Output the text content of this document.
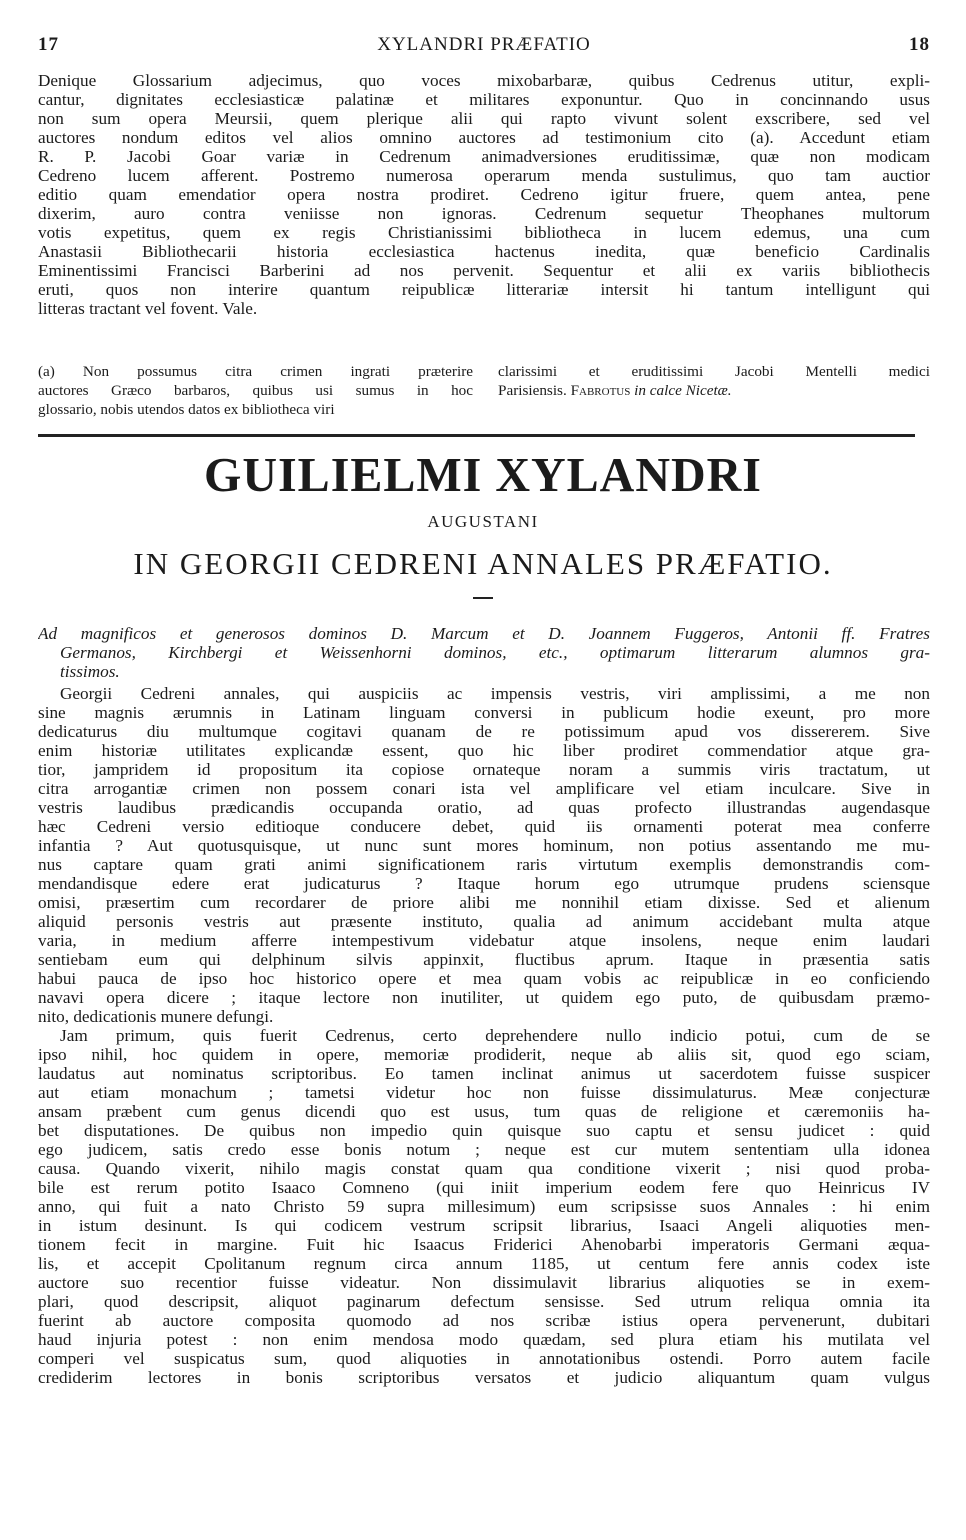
17	XYLANDRI PRÆFATIO	18
Denique Glossarium adjecimus, quo voces mixobarbaræ, quibus Cedrenus utitur, expli-
cantur, dignitates ecclesiasticæ palatinæ et militares exponuntur. Quo in concinnando usus
non sum opera Meursii, quem plerique alii qui rapto vivunt solent exscribere, sed vel
auctores nondum editos vel alios omnino auctores ad testimonium cito (a). Accedunt etiam
R. P. Jacobi Goar variæ in Cedrenum animadversiones eruditissimæ, quæ non modicam
Cedreno lucem afferent. Postremo numerosa operarum menda sustulimus, quo tam auctior
editio quam emendatior opera nostra prodiret. Cedreno igitur fruere, quem antea, pene
dixerim, auro contra veniisse non ignoras. Cedrenum sequetur Theophanes multorum
votis expetitus, quem ex regis Christianissimi bibliotheca in lucem edemus, una cum
Anastasii Bibliothecarii historia ecclesiastica hactenus inedita, quæ beneficio Cardinalis
Eminentissimi Francisci Barberini ad nos pervenit. Sequentur et alii ex variis bibliothecis
eruti, quos non interire quantum reipublicæ litterariæ intersit hi tantum intelligunt qui
litteras tractant vel fovent. Vale.
(a) Non possumus citra crimen ingrati præterire
auctores Græco barbaros, quibus usi sumus in hoc
glossario, nobis utendos datos ex bibliotheca viri
clarissimi et eruditissimi Jacobi Mentelli medici
Parisiensis. Fabrotus in calce Nicetæ.
GUILIELMI XYLANDRI
AUGUSTANI
IN GEORGII CEDRENI ANNALES PRÆFATIO.
Ad magnificos et generosos dominos D. Marcum et D. Joannem Fuggeros, Antonii ff. Fratres
Germanos, Kirchbergi et Weissenhorni dominos, etc., optimarum litterarum alumnos gra-
tissimos.
Georgii Cedreni annales, qui auspiciis ac impensis vestris, viri amplissimi, a me non
sine magnis ærumnis in Latinam linguam conversi in publicum hodie exeunt, pro more
dedicaturus diu multumque cogitavi quanam de re potissimum apud vos dissererem. Sive
enim historiæ utilitates explicandæ essent, quo hic liber prodiret commendatior atque gra-
tior, jampridem id propositum ita copiose ornateque noram a summis viris tractatum, ut
citra arrogantiæ crimen non possem conari ista vel amplificare vel etiam inculcare. Sive in
vestris laudibus prædicandis occupanda oratio, ad quas profecto illustrandas augendasque
hæc Cedreni versio editioque conducere debet, quid iis ornamenti poterat mea conferre
infantia ? Aut quotusquisque, ut nunc sunt mores hominum, non potius assentando me mu-
nus captare quam grati animi significationem raris virtutum exemplis demonstrandis com-
mendandisque edere erat judicaturus ? Itaque horum ego utrumque prudens sciensque
omisi, præsertim cum recordarer de priore alibi me nonnihil etiam dixisse. Sed et alienum
aliquid personis vestris aut præsente instituto, qualia ad animum accidebant multa atque
varia, in medium afferre intempestivum videbatur atque insolens, neque enim laudari
sentiebam eum qui delphinum silvis appinxit, fluctibus aprum. Itaque in præsentia satis
habui pauca de ipso hoc historico opere et mea quam vobis ac reipublicæ in eo conficiendo
navavi opera dicere ; itaque lectore non inutiliter, ut quidem ego puto, de quibusdam præmo-
nito, dedicationis munere defungi.
Jam primum, quis fuerit Cedrenus, certo deprehendere nullo indicio potui, cum de se
ipso nihil, hoc quidem in opere, memoriæ prodiderit, neque ab aliis sit, quod ego sciam,
laudatus aut nominatus scriptoribus. Eo tamen inclinat animus ut sacerdotem fuisse suspicer
aut etiam monachum ; tametsi videtur hoc non fuisse dissimulaturus. Meæ conjecturæ
ansam præbent cum genus dicendi quo est usus, tum quas de religione et cæremoniis ha-
bet disputationes. De quibus non impedio quin quisque suo captu et sensu judicet : quid
ego judicem, satis credo esse bonis notum ; neque est cur mutem sententiam ulla idonea
causa. Quando vixerit, nihilo magis constat quam qua conditione vixerit ; nisi quod proba-
bile est rerum potito Isaaco Comneno (qui iniit imperium eodem fere quo Heinricus IV
anno, qui fuit a nato Christo 59 supra millesimum) eum scripsisse suos Annales : hi enim
in istum desinunt. Is qui codicem vestrum scripsit librarius, Isaaci Angeli aliquoties men-
tionem fecit in margine. Fuit hic Isaacus Friderici Ahenobarbi imperatoris Germani æqua-
lis, et accepit Cpolitanum regnum circa annum 1185, ut centum fere annis codex iste
auctore suo recentior fuisse videatur. Non dissimulavit librarius aliquoties se in exem-
plari, quod descripsit, aliquot paginarum defectum sensisse. Sed utrum reliqua omnia ita
fuerint ab auctore composita quomodo ad nos scribæ istius opera pervenerunt, dubitari
haud injuria potest : non enim mendosa modo quædam, sed plura etiam his mutilata vel
comperi vel suspicatus sum, quod aliquoties in annotationibus ostendi. Porro autem facile
crediderim lectores in bonis scriptoribus versatos et judicio aliquantum quam vulgus
